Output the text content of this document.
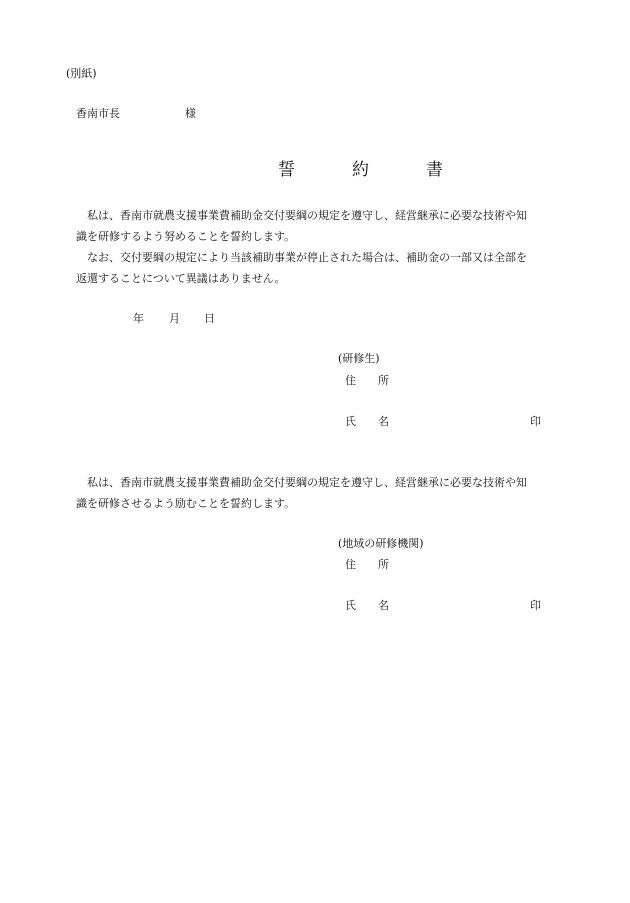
(別紙)
香南市長	様
誓　約　書
私は、香南市就農支援事業費補助金交付要綱の規定を遵守し、経営継承に必要な技術や知
識を研修するよう努めることを誓約します。
なお、交付要綱の規定により当該補助事業が停止された場合は、補助金の一部又は全部を
返還することについて異議はありません。
年 月 日
(研修生)
住　　所
氏　　名	印
私は、香南市就農支援事業費補助金交付要綱の規定を遵守し、経営継承に必要な技術や知
識を研修させるよう励むことを誓約します。
(地域の研修機関)
住　　所
氏　　名	印
